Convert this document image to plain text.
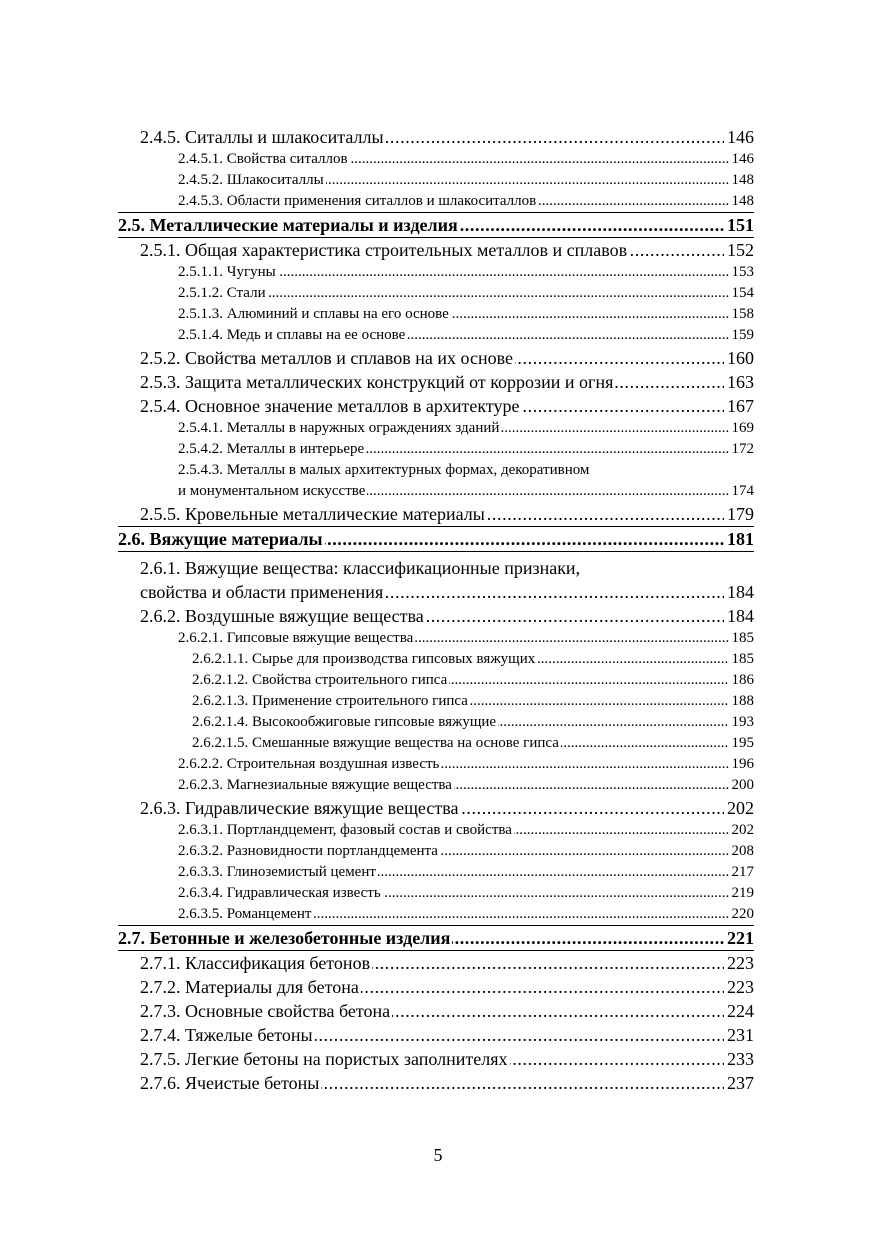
.....
2.4.5. Ситаллы и шлакоситаллы	146
.....
2.4.5.1. Свойства ситаллов	146
.....
2.4.5.2. Шлакоситаллы	148
.....
2.4.5.3. Области применения ситаллов и шлакоситаллов	148
.....
2.5. Металлические материалы и изделия	151
.....
2.5.1. Общая характеристика строительных металлов и сплавов	152
.....
2.5.1.1. Чугуны	153
.....
2.5.1.2. Стали	154
.....
2.5.1.3. Алюминий и сплавы на его основе	158
.....
2.5.1.4. Медь и сплавы на ее основе	159
.....
2.5.2. Свойства металлов и сплавов на их основе	160
.....
2.5.3. Защита металлических конструкций от коррозии и огня	163
.....
2.5.4. Основное значение металлов в архитектуре	167
.....
2.5.4.1. Металлы в наружных ограждениях зданий	169
.....
2.5.4.2. Металлы в интерьере	172
2.5.4.3. Металлы в малых архитектурных формах, декоративном
.....
и монументальном искусстве	174
.....
2.5.5. Кровельные металлические материалы	179
.....
2.6. Вяжущие материалы	181
2.6.1. Вяжущие вещества: классификационные признаки,
.....
свойства и области применения	184
.....
2.6.2. Воздушные вяжущие вещества	184
.....
2.6.2.1. Гипсовые вяжущие вещества	185
.....
2.6.2.1.1. Сырье для производства гипсовых вяжущих	185
.....
2.6.2.1.2. Свойства строительного гипса	186
.....
2.6.2.1.3. Применение строительного гипса	188
.....
2.6.2.1.4. Высокообжиговые гипсовые вяжущие	193
.....
2.6.2.1.5. Смешанные вяжущие вещества на основе гипса	195
.....
2.6.2.2. Строительная воздушная известь	196
.....
2.6.2.3. Магнезиальные вяжущие вещества	200
.....
2.6.3. Гидравлические вяжущие вещества	202
.....
2.6.3.1. Портландцемент, фазовый состав и свойства	202
.....
2.6.3.2. Разновидности портландцемента	208
.....
2.6.3.3. Глиноземистый цемент	217
.....
2.6.3.4. Гидравлическая известь	219
.....
2.6.3.5. Романцемент	220
.....
2.7. Бетонные и железобетонные изделия	221
.....
2.7.1. Классификация бетонов	223
.....
2.7.2. Материалы для бетона	223
.....
2.7.3. Основные свойства бетона	224
.....
2.7.4. Тяжелые бетоны	231
.....
2.7.5. Легкие бетоны на пористых заполнителях	233
.....
2.7.6. Ячеистые бетоны	237
5
